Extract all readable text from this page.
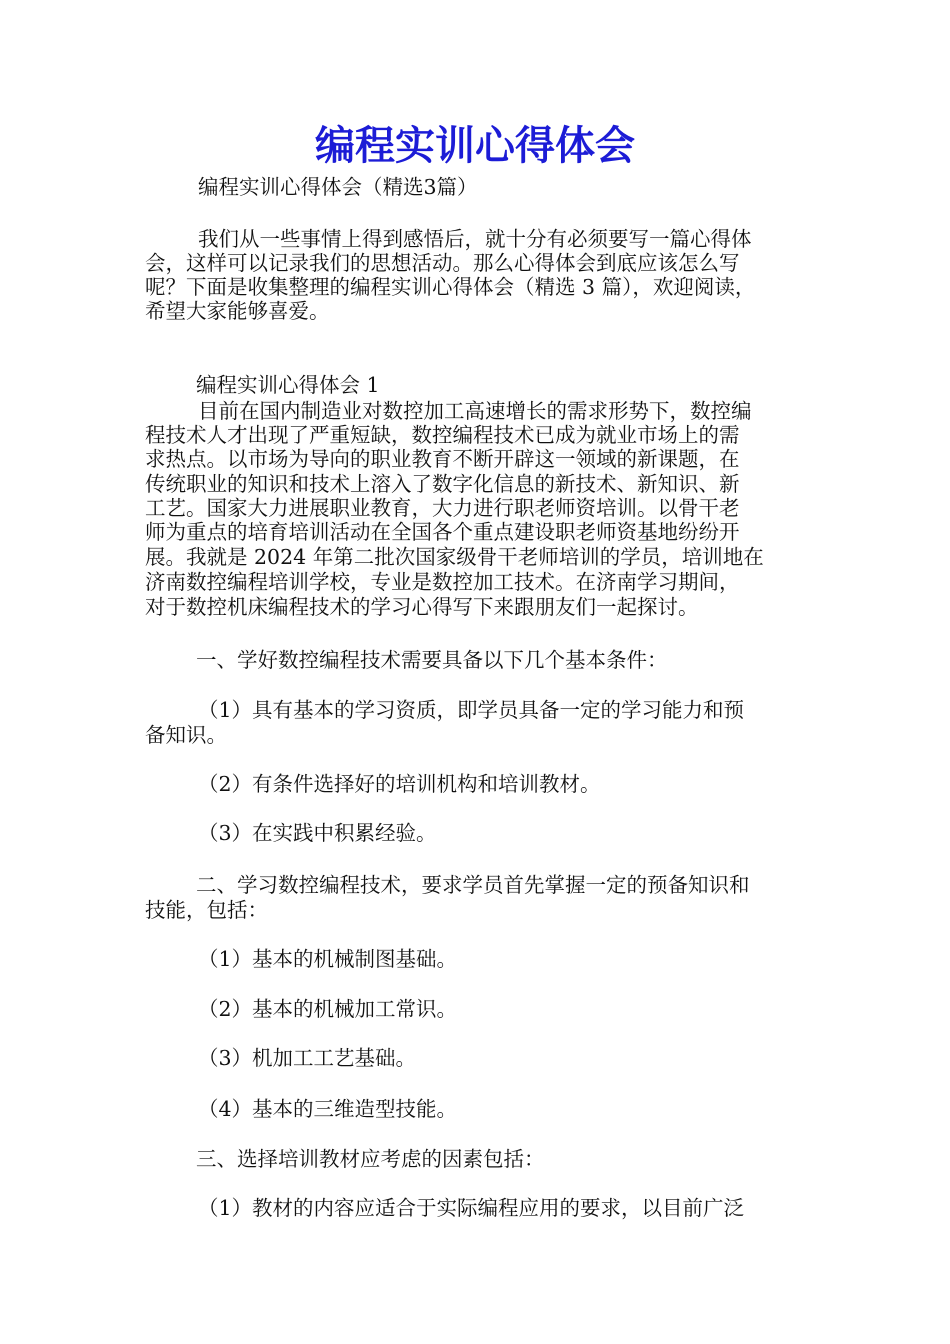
编程实训心得体会

编程实训心得体会（精选3篇）

我们从一些事情上得到感悟后，就十分有必须要写一篇心得体

会，这样可以记录我们的思想活动。那么心得体会到底应该怎么写

呢？下面是收集整理的编程实训心得体会（精选 3 篇），欢迎阅读，

希望大家能够喜爱。

编程实训心得体会 1

目前在国内制造业对数控加工高速增长的需求形势下，数控编

程技术人才出现了严重短缺，数控编程技术已成为就业市场上的需

求热点。以市场为导向的职业教育不断开辟这一领域的新课题，在

传统职业的知识和技术上溶入了数字化信息的新技术、新知识、新

工艺。国家大力进展职业教育，大力进行职老师资培训。以骨干老

师为重点的培育培训活动在全国各个重点建设职老师资基地纷纷开

展。我就是 2024 年第二批次国家级骨干老师培训的学员，培训地在

济南数控编程培训学校，专业是数控加工技术。在济南学习期间，

对于数控机床编程技术的学习心得写下来跟朋友们一起探讨。

一、学好数控编程技术需要具备以下几个基本条件：

（1）具有基本的学习资质，即学员具备一定的学习能力和预

备知识。

（2）有条件选择好的培训机构和培训教材。

（3）在实践中积累经验。

二、学习数控编程技术，要求学员首先掌握一定的预备知识和

技能，包括：

（1）基本的机械制图基础。

（2）基本的机械加工常识。

（3）机加工工艺基础。

（4）基本的三维造型技能。

三、选择培训教材应考虑的因素包括：

（1）教材的内容应适合于实际编程应用的要求，以目前广泛
